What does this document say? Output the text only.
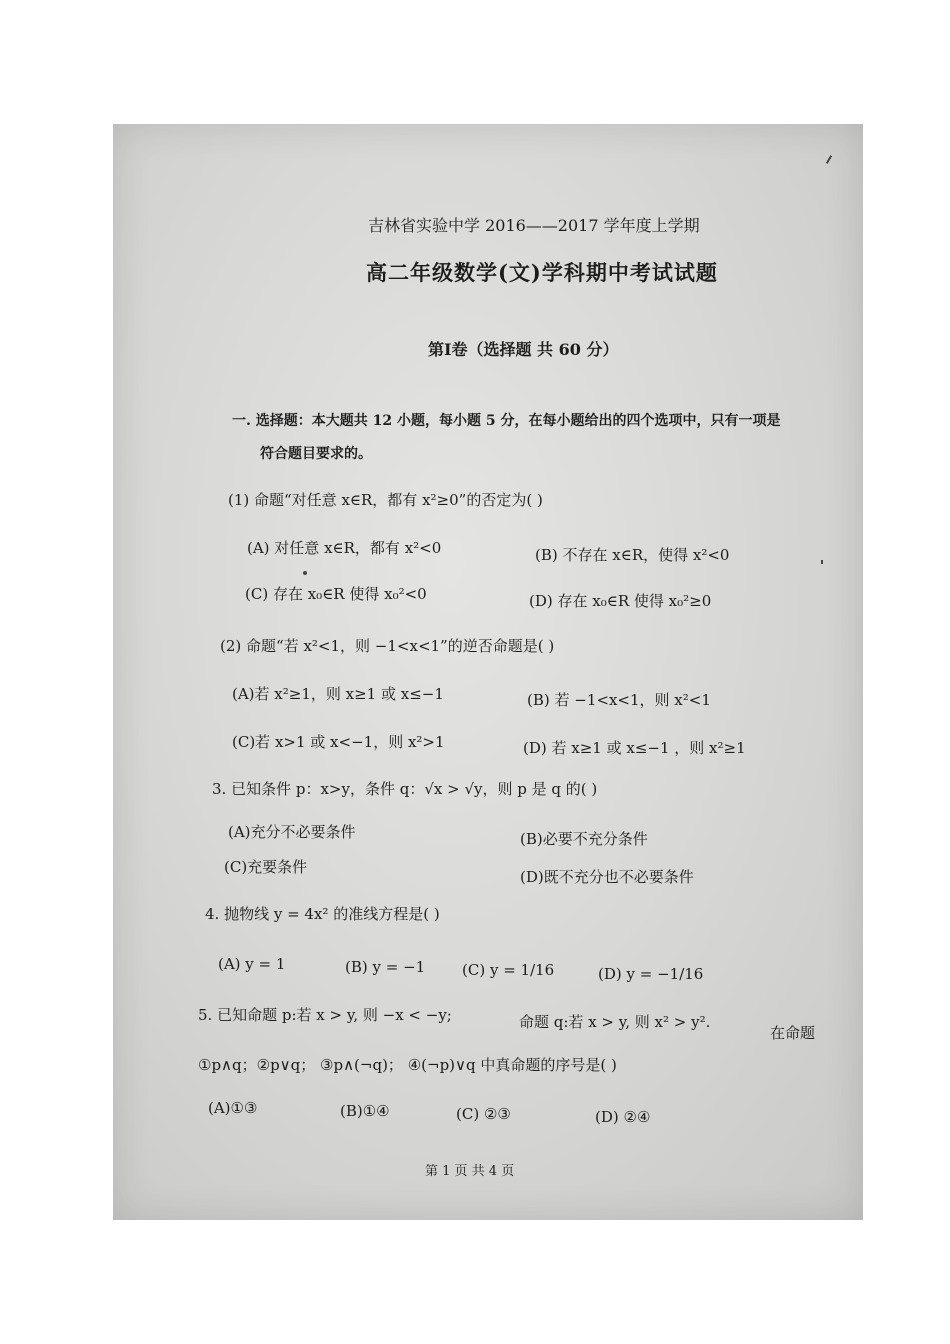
吉林省实验中学 2016——2017 学年度上学期
高二年级数学(文)学科期中考试试题
第Ⅰ卷（选择题 共 60 分）
一. 选择题：本大题共 12 小题，每小题 5 分，在每小题给出的四个选项中，只有一项是
符合题目要求的。
(1) 命题“对任意 x∈R，都有 x²≥0”的否定为( )
(A) 对任意 x∈R，都有 x²<0	(B) 不存在 x∈R，使得 x²<0
(C) 存在 x₀∈R 使得 x₀²<0	(D) 存在 x₀∈R 使得 x₀²≥0
(2) 命题“若 x²<1，则 −1<x<1”的逆否命题是( )
(A)若 x²≥1，则 x≥1 或 x≤−1	(B) 若 −1<x<1，则 x²<1
(C)若 x>1 或 x<−1，则 x²>1	(D) 若 x≥1 或 x≤−1 ，则 x²≥1
3. 已知条件 p：x>y，条件 q：√x > √y，则 p 是 q 的( )
(A)充分不必要条件	(B)必要不充分条件
(C)充要条件
(D)既不充分也不必要条件
4. 抛物线 y = 4x² 的准线方程是( )
(A) y = 1	(B) y = −1 (C) y = 1/16	(D) y = −1/16
5. 已知命题 p:若 x > y, 则 −x < −y;	命题 q:若 x > y, 则 x² > y².
在命题
①p∧q；②p∨q； ③p∧(¬q)； ④(¬p)∨q 中真命题的序号是( )
(A)①③	(B)①④	(C) ②③	(D) ②④
第 1 页 共 4 页
